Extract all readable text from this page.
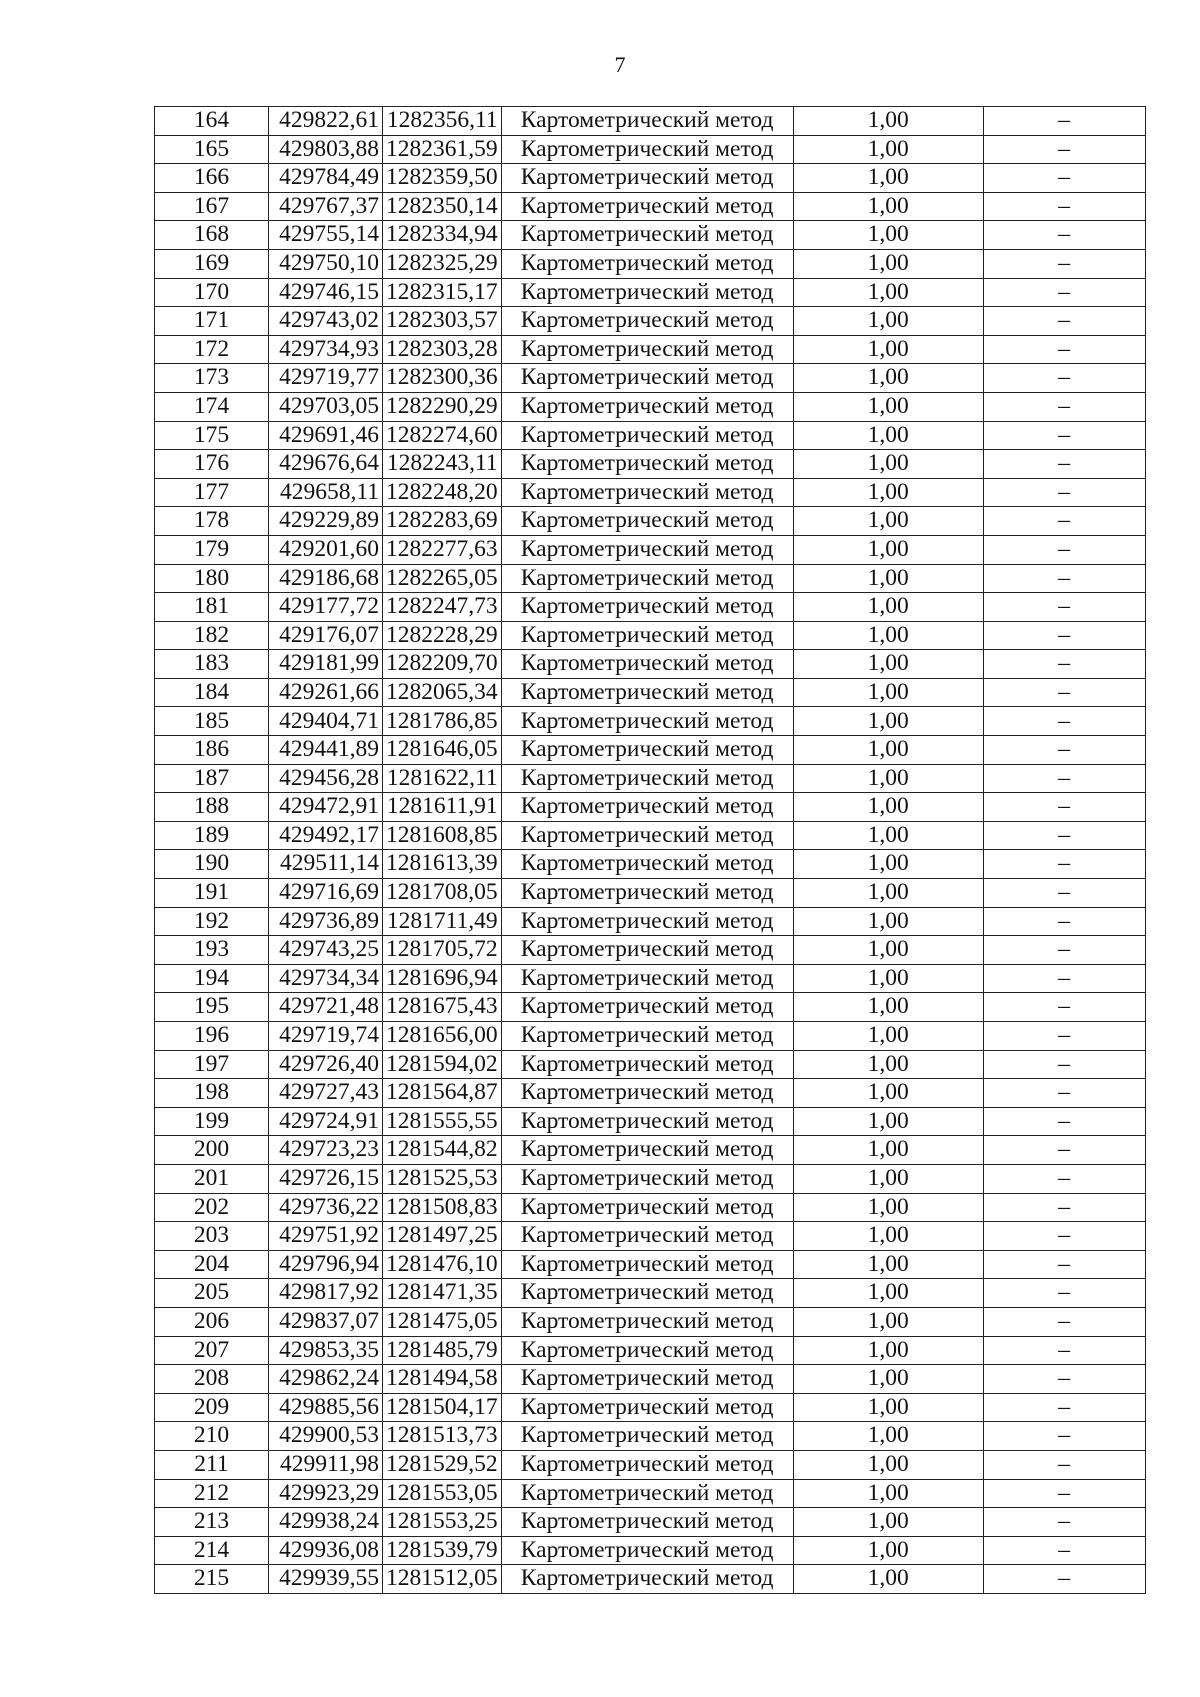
7
164	429822,61	1282356,11	Картометрический метод	1,00	–
165	429803,88	1282361,59	Картометрический метод	1,00	–
166	429784,49	1282359,50	Картометрический метод	1,00	–
167	429767,37	1282350,14	Картометрический метод	1,00	–
168	429755,14	1282334,94	Картометрический метод	1,00	–
169	429750,10	1282325,29	Картометрический метод	1,00	–
170	429746,15	1282315,17	Картометрический метод	1,00	–
171	429743,02	1282303,57	Картометрический метод	1,00	–
172	429734,93	1282303,28	Картометрический метод	1,00	–
173	429719,77	1282300,36	Картометрический метод	1,00	–
174	429703,05	1282290,29	Картометрический метод	1,00	–
175	429691,46	1282274,60	Картометрический метод	1,00	–
176	429676,64	1282243,11	Картометрический метод	1,00	–
177	429658,11	1282248,20	Картометрический метод	1,00	–
178	429229,89	1282283,69	Картометрический метод	1,00	–
179	429201,60	1282277,63	Картометрический метод	1,00	–
180	429186,68	1282265,05	Картометрический метод	1,00	–
181	429177,72	1282247,73	Картометрический метод	1,00	–
182	429176,07	1282228,29	Картометрический метод	1,00	–
183	429181,99	1282209,70	Картометрический метод	1,00	–
184	429261,66	1282065,34	Картометрический метод	1,00	–
185	429404,71	1281786,85	Картометрический метод	1,00	–
186	429441,89	1281646,05	Картометрический метод	1,00	–
187	429456,28	1281622,11	Картометрический метод	1,00	–
188	429472,91	1281611,91	Картометрический метод	1,00	–
189	429492,17	1281608,85	Картометрический метод	1,00	–
190	429511,14	1281613,39	Картометрический метод	1,00	–
191	429716,69	1281708,05	Картометрический метод	1,00	–
192	429736,89	1281711,49	Картометрический метод	1,00	–
193	429743,25	1281705,72	Картометрический метод	1,00	–
194	429734,34	1281696,94	Картометрический метод	1,00	–
195	429721,48	1281675,43	Картометрический метод	1,00	–
196	429719,74	1281656,00	Картометрический метод	1,00	–
197	429726,40	1281594,02	Картометрический метод	1,00	–
198	429727,43	1281564,87	Картометрический метод	1,00	–
199	429724,91	1281555,55	Картометрический метод	1,00	–
200	429723,23	1281544,82	Картометрический метод	1,00	–
201	429726,15	1281525,53	Картометрический метод	1,00	–
202	429736,22	1281508,83	Картометрический метод	1,00	–
203	429751,92	1281497,25	Картометрический метод	1,00	–
204	429796,94	1281476,10	Картометрический метод	1,00	–
205	429817,92	1281471,35	Картометрический метод	1,00	–
206	429837,07	1281475,05	Картометрический метод	1,00	–
207	429853,35	1281485,79	Картометрический метод	1,00	–
208	429862,24	1281494,58	Картометрический метод	1,00	–
209	429885,56	1281504,17	Картометрический метод	1,00	–
210	429900,53	1281513,73	Картометрический метод	1,00	–
211	429911,98	1281529,52	Картометрический метод	1,00	–
212	429923,29	1281553,05	Картометрический метод	1,00	–
213	429938,24	1281553,25	Картометрический метод	1,00	–
214	429936,08	1281539,79	Картометрический метод	1,00	–
215	429939,55	1281512,05	Картометрический метод	1,00	–
